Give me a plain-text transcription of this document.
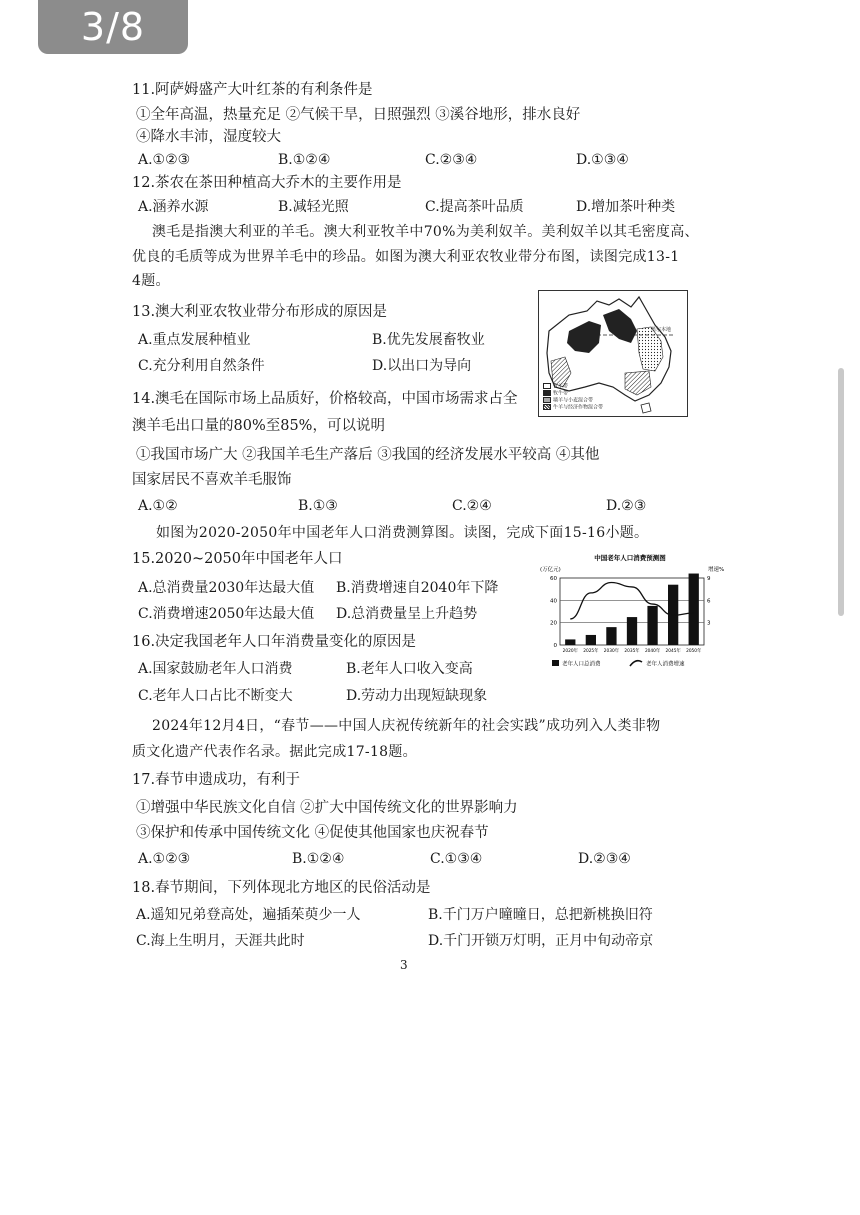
3/8
11.阿萨姆盛产大叶红茶的有利条件是
①全年高温，热量充足 ②气候干旱，日照强烈 ③溪谷地形，排水良好
④降水丰沛，湿度较大
A.①②③	B.①②④	C.②③④	D.①③④
12.茶农在茶田种植高大乔木的主要作用是
A.涵养水源	B.减轻光照	C.提高茶叶品质	D.增加茶叶种类
澳毛是指澳大利亚的羊毛。澳大利亚牧羊中70%为美利奴羊。美利奴羊以其毛密度高、
优良的毛质等成为世界羊毛中的珍品。如图为澳大利亚农牧业带分布图，读图完成13-1
4题。
13.澳大利亚农牧业带分布形成的原因是
A.重点发展种植业	B.优先发展畜牧业
C.充分利用自然条件	D.以出口为导向
墨尔本地
牧羊带
牧牛带
墙羊与小麦混合带
牛羊与经济作物混合带
14.澳毛在国际市场上品质好，价格较高，中国市场需求占全
澳羊毛出口量的80%至85%，可以说明
①我国市场广大 ②我国羊毛生产落后 ③我国的经济发展水平较高 ④其他
国家居民不喜欢羊毛服饰
A.①②	B.①③	C.②④	D.②③
如图为2020-2050年中国老年人口消费测算图。读图，完成下面15-16小题。
15.2020~2050年中国老年人口
A.总消费量2030年达最大值 B.消费增速自2040年下降
C.消费增速2050年达最大值 D.总消费量呈上升趋势
中国老年人口消费预测图
(万亿元)	增速%
0
20
40
60
3
6
9
2020年 2025年 2030年 2035年 2040年 2045年 2050年
老年人口总消费	老年人消费增速
16.决定我国老年人口年消费量变化的原因是
A.国家鼓励老年人口消费	B.老年人口收入变高
C.老年人口占比不断变大	D.劳动力出现短缺现象
2024年12月4日，“春节——中国人庆祝传统新年的社会实践”成功列入人类非物
质文化遗产代表作名录。据此完成17-18题。
17.春节申遗成功，有利于
①增强中华民族文化自信 ②扩大中国传统文化的世界影响力
③保护和传承中国传统文化 ④促使其他国家也庆祝春节
A.①②③	B.①②④	C.①③④	D.②③④
18.春节期间，下列体现北方地区的民俗活动是
A.遥知兄弟登高处，遍插茱萸少一人	B.千门万户曈曈日，总把新桃换旧符
C.海上生明月，天涯共此时	D.千门开锁万灯明，正月中旬动帝京
3
